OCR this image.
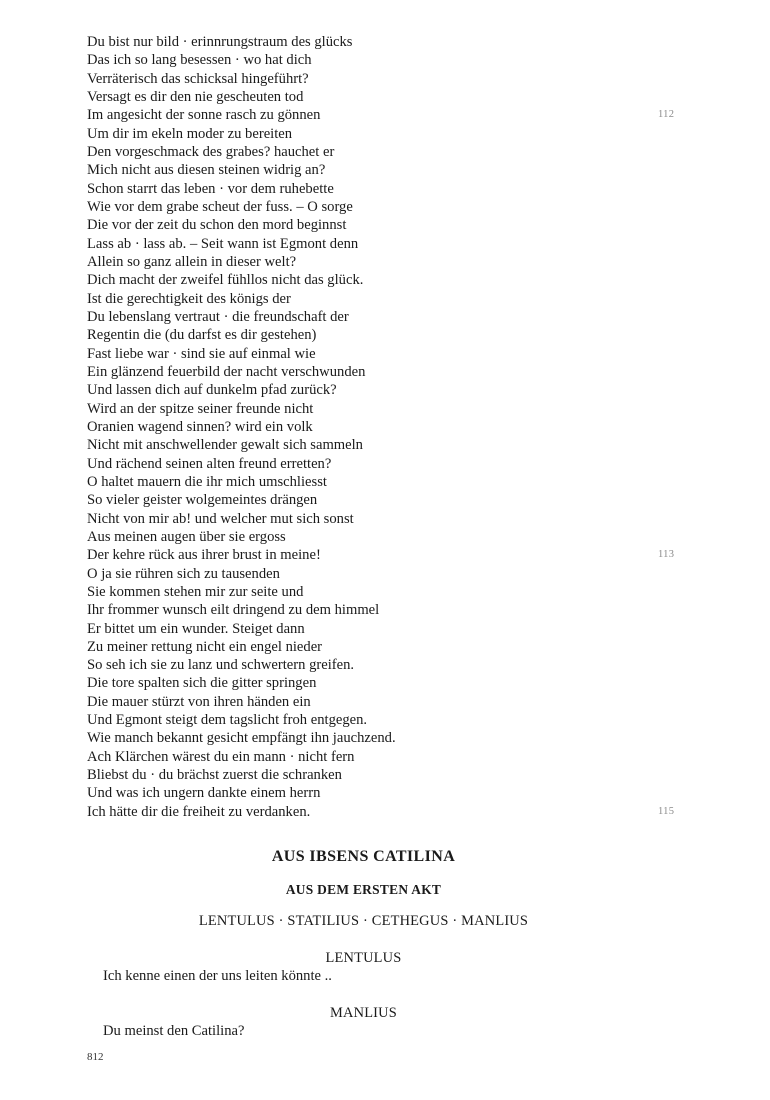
Du bist nur bild · erinnrungstraum des glücks
Das ich so lang besessen · wo hat dich
Verräterisch das schicksal hingeführt?
Versagt es dir den nie gescheuten tod
Im angesicht der sonne rasch zu gönnen	112
Um dir im ekeln moder zu bereiten
Den vorgeschmack des grabes? hauchet er
Mich nicht aus diesen steinen widrig an?
Schon starrt das leben · vor dem ruhebette
Wie vor dem grabe scheut der fuss. – O sorge
Die vor der zeit du schon den mord beginnst
Lass ab · lass ab. – Seit wann ist Egmont denn
Allein so ganz allein in dieser welt?
Dich macht der zweifel fühllos nicht das glück.
Ist die gerechtigkeit des königs der
Du lebenslang vertraut · die freundschaft der
Regentin die (du darfst es dir gestehen)
Fast liebe war · sind sie auf einmal wie
Ein glänzend feuerbild der nacht verschwunden
Und lassen dich auf dunkelm pfad zurück?
Wird an der spitze seiner freunde nicht
Oranien wagend sinnen? wird ein volk
Nicht mit anschwellender gewalt sich sammeln
Und rächend seinen alten freund erretten?
O haltet mauern die ihr mich umschliesst
So vieler geister wolgemeintes drängen
Nicht von mir ab! und welcher mut sich sonst
Aus meinen augen über sie ergoss
Der kehre rück aus ihrer brust in meine!	113
O ja sie rühren sich zu tausenden
Sie kommen stehen mir zur seite und
Ihr frommer wunsch eilt dringend zu dem himmel
Er bittet um ein wunder. Steiget dann
Zu meiner rettung nicht ein engel nieder
So seh ich sie zu lanz und schwertern greifen.
Die tore spalten sich die gitter springen
Die mauer stürzt von ihren händen ein
Und Egmont steigt dem tagslicht froh entgegen.
Wie manch bekannt gesicht empfängt ihn jauchzend.
Ach Klärchen wärest du ein mann · nicht fern
Bliebst du · du brächst zuerst die schranken
Und was ich ungern dankte einem herrn
Ich hätte dir die freiheit zu verdanken.	115
AUS IBSENS CATILINA
AUS DEM ERSTEN AKT
LENTULUS · STATILIUS · CETHEGUS · MANLIUS
LENTULUS
Ich kenne einen der uns leiten könnte ..
MANLIUS
Du meinst den Catilina?
812
